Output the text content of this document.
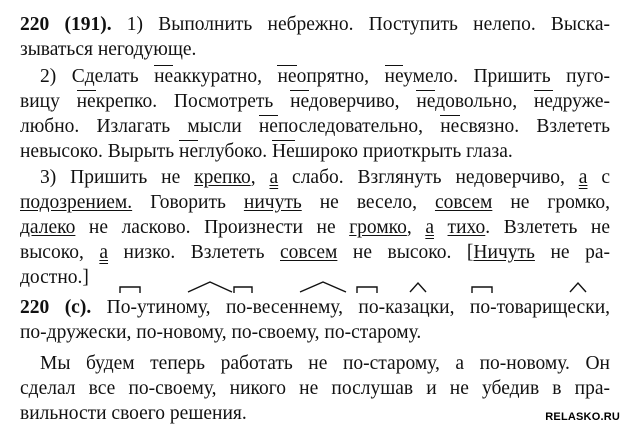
220 (191). 1) Выполнить небрежно. Поступить нелепо. Выска-
зываться негодующе.
2) Сделать неаккуратно, неопрятно, неумело. Пришить пуго-
вицу некрепко. Посмотреть недоверчиво, недовольно, недруже-
любно. Излагать мысли непоследовательно, несвязно. Взлететь
невысоко. Вырыть неглубоко. Нешироко приоткрыть глаза.
3) Пришить не крепко, а слабо. Взглянуть недоверчиво, а с
подозрением. Говорить ничуть не весело, совсем не громко,
далеко не ласково. Произнести не громко, а тихо. Взлететь не
высоко, а низко. Взлететь совсем не высоко. [Ничуть не ра-
достно.]
220 (с). По-утиному, по-весеннему, по-казацки, по-товарищески,
по-дружески, по-новому, по-своему, по-старому.
Мы будем теперь работать не по-старому, а по-новому. Он
сделал все по-своему, никого не послушав и не убедив в пра-
вильности своего решения.	RELASKO.RU
